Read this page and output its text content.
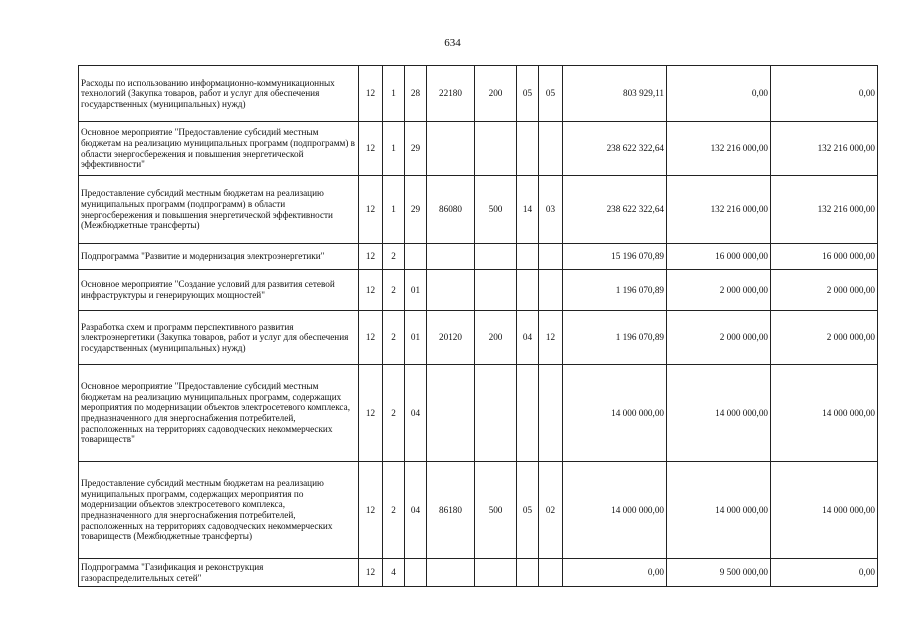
634
Расходы по использованию информационно-коммуникационных технологий (Закупка товаров, работ и услуг для обеспечения государственных (муниципальных) нужд)	12	1	28	22180	200	05	05	803 929,11	0,00	0,00
Основное мероприятие "Предоставление субсидий местным бюджетам на реализацию муниципальных программ (подпрограмм) в области энергосбережения и повышения энергетической эффективности"	12	1	29					238 622 322,64	132 216 000,00	132 216 000,00
Предоставление субсидий местным бюджетам на реализацию муниципальных программ (подпрограмм) в области энергосбережения и повышения энергетической эффективности (Межбюджетные трансферты)	12	1	29	86080	500	14	03	238 622 322,64	132 216 000,00	132 216 000,00
Подпрограмма "Развитие и модернизация электроэнергетики"	12	2						15 196 070,89	16 000 000,00	16 000 000,00
Основное мероприятие "Создание условий для развития сетевой инфраструктуры и генерирующих мощностей"	12	2	01					1 196 070,89	2 000 000,00	2 000 000,00
Разработка схем и программ перспективного развития электроэнергетики (Закупка товаров, работ и услуг для обеспечения государственных (муниципальных) нужд)	12	2	01	20120	200	04	12	1 196 070,89	2 000 000,00	2 000 000,00
Основное мероприятие "Предоставление субсидий местным бюджетам на реализацию муниципальных программ, содержащих мероприятия по модернизации объектов электросетевого комплекса, предназначенного для энергоснабжения потребителей, расположенных на территориях садоводческих некоммерческих товариществ"	12	2	04					14 000 000,00	14 000 000,00	14 000 000,00
Предоставление субсидий местным бюджетам на реализацию муниципальных программ, содержащих мероприятия по модернизации объектов электросетевого комплекса, предназначенного для энергоснабжения потребителей, расположенных на территориях садоводческих некоммерческих товариществ (Межбюджетные трансферты)	12	2	04	86180	500	05	02	14 000 000,00	14 000 000,00	14 000 000,00
Подпрограмма "Газификация и реконструкция газораспределительных сетей"	12	4						0,00	9 500 000,00	0,00
